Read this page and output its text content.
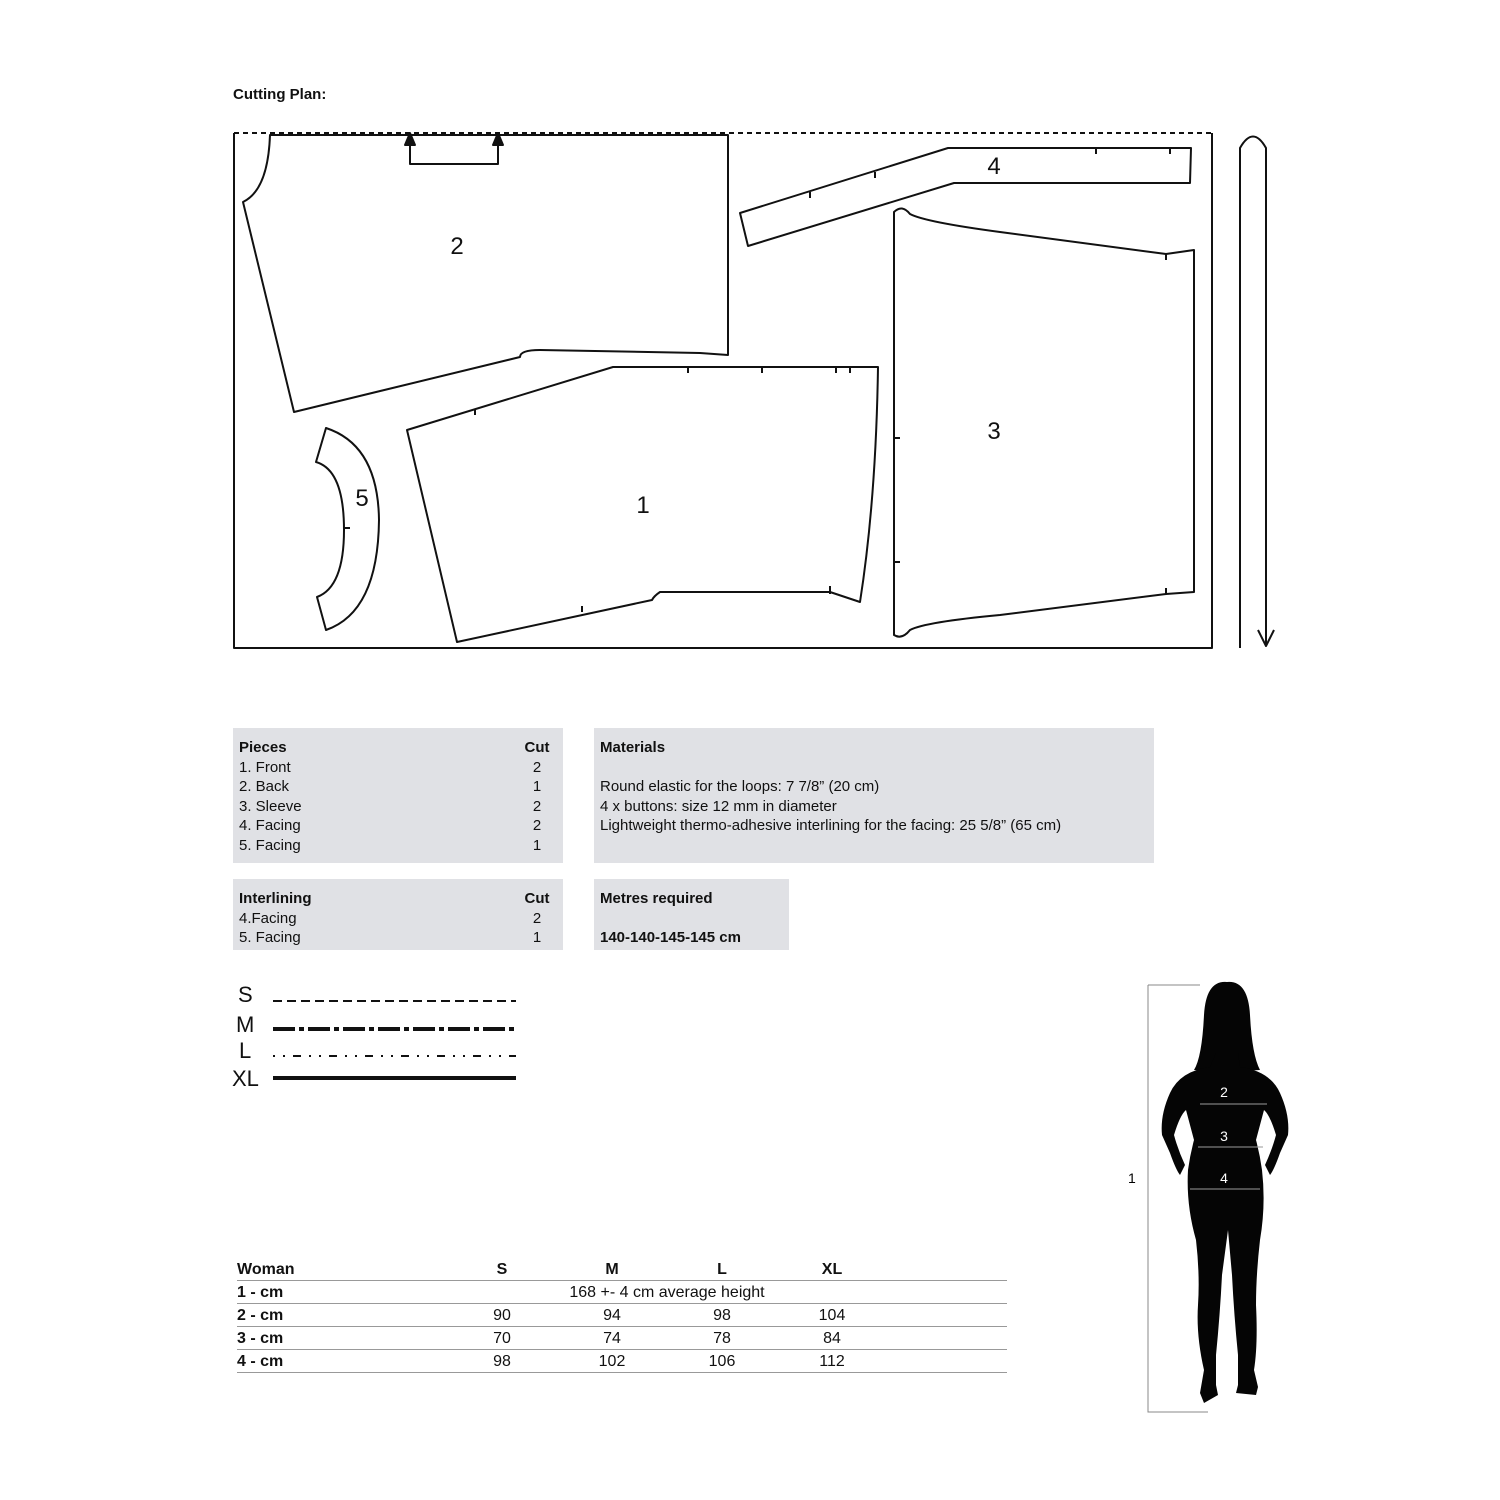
Cutting Plan:
2
4
3
1
5
Pieces	Cut
1. Front	2
2. Back	1
3. Sleeve	2
4. Facing	2
5. Facing	1
Materials
Round elastic for the loops: 7 7/8” (20 cm)
4 x buttons: size 12 mm in diameter
Lightweight thermo-adhesive interlining for the facing: 25 5/8” (65 cm)
Interlining	Cut
4.Facing	2
5. Facing	1
Metres required
140-140-145-145 cm
S
M
L
XL
Woman	S	M	L	XL
1 - cm	168 +- 4 cm average height
2 - cm	90	94	98	104
3 - cm	70	74	78	84
4 - cm	98	102	106	112
1
2
3
4
